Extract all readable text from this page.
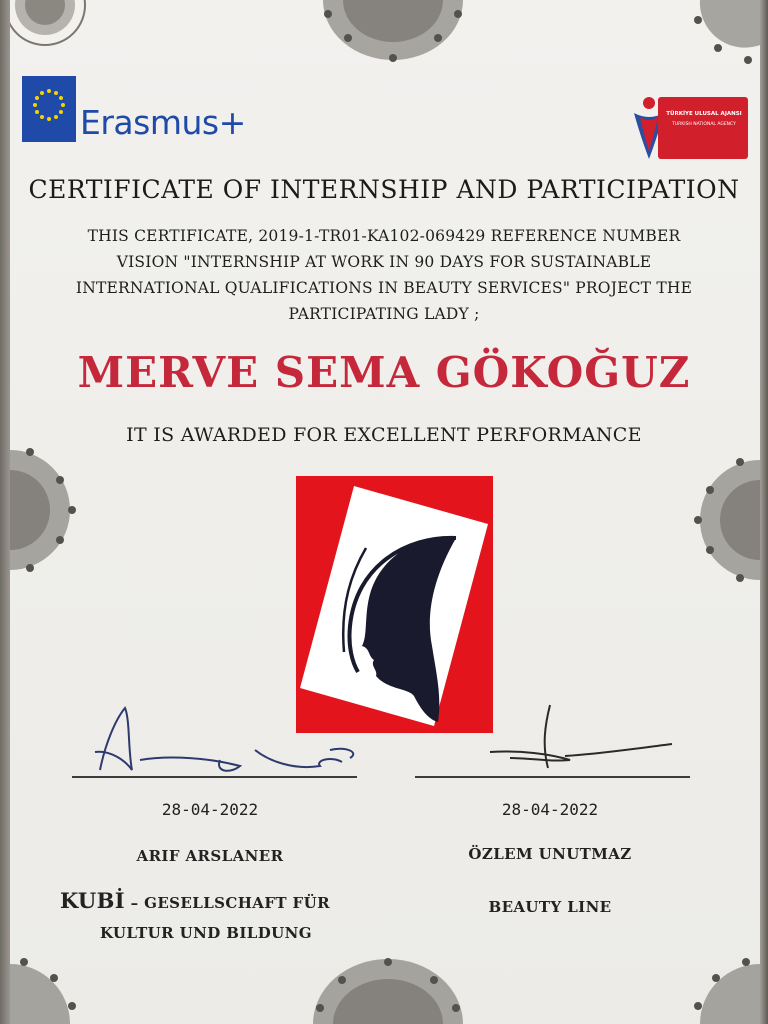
Erasmus+	TÜRKİYE ULUSAL AJANSI
TURKISH NATIONAL AGENCY
CERTIFICATE OF INTERNSHIP AND PARTICIPATION
THIS CERTIFICATE, 2019-1-TR01-KA102-069429 REFERENCE NUMBER VISION "INTERNSHIP AT WORK IN 90 DAYS FOR SUSTAINABLE INTERNATIONAL QUALIFICATIONS IN BEAUTY SERVICES" PROJECT THE PARTICIPATING LADY ;
MERVE SEMA GÖKOĞUZ
IT IS AWARDED FOR EXCELLENT PERFORMANCE
28-04-2022	28-04-2022
ARIF ARSLANER	ÖZLEM UNUTMAZ
KUBİ – GESELLSCHAFT FÜR
KULTUR UND BILDUNG
BEAUTY LINE
